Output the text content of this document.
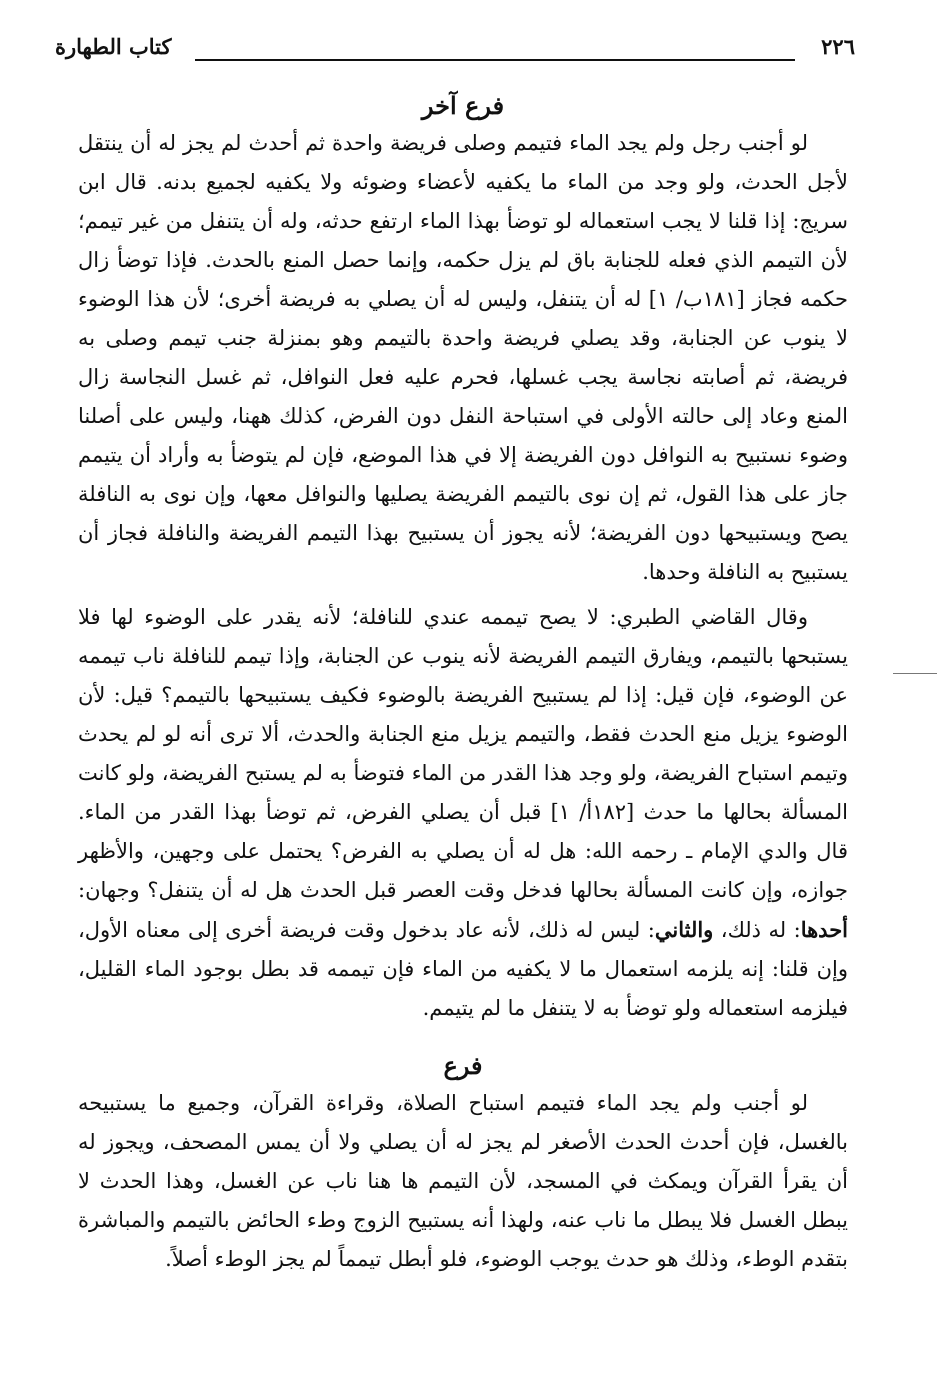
٢٢٦
كتاب الطهارة
فرع آخر

لو أجنب رجل ولم يجد الماء فتيمم وصلى فريضة واحدة ثم أحدث لم يجز له أن ينتقل لأجل الحدث، ولو وجد من الماء ما يكفيه لأعضاء وضوئه ولا يكفيه لجميع بدنه. قال ابن سريج: إذا قلنا لا يجب استعماله لو توضأ بهذا الماء ارتفع حدثه، وله أن يتنفل من غير تيمم؛ لأن التيمم الذي فعله للجنابة باق لم يزل حكمه، وإنما حصل المنع بالحدث. فإذا توضأ زال حكمه فجاز [١٨١ب/ ١] له أن يتنفل، وليس له أن يصلي به فريضة أخرى؛ لأن هذا الوضوء لا ينوب عن الجنابة، وقد يصلي فريضة واحدة بالتيمم وهو بمنزلة جنب تيمم وصلى به فريضة، ثم أصابته نجاسة يجب غسلها، فحرم عليه فعل النوافل، ثم غسل النجاسة زال المنع وعاد إلى حالته الأولى في استباحة النفل دون الفرض، كذلك ههنا، وليس على أصلنا وضوء نستبيح به النوافل دون الفريضة إلا في هذا الموضع، فإن لم يتوضأ به وأراد أن يتيمم جاز على هذا القول، ثم إن نوى بالتيمم الفريضة يصليها والنوافل معها، وإن نوى به النافلة يصح ويستبيحها دون الفريضة؛ لأنه يجوز أن يستبيح بهذا التيمم الفريضة والنافلة فجاز أن يستبيح به النافلة وحدها.

وقال القاضي الطبري: لا يصح تيممه عندي للنافلة؛ لأنه يقدر على الوضوء لها فلا يستبحها بالتيمم، ويفارق التيمم الفريضة لأنه ينوب عن الجنابة، وإذا تيمم للنافلة ناب تيممه عن الوضوء، فإن قيل: إذا لم يستبيح الفريضة بالوضوء فكيف يستبيحها بالتيمم؟ قيل: لأن الوضوء يزيل منع الحدث فقط، والتيمم يزيل منع الجنابة والحدث، ألا ترى أنه لو لم يحدث وتيمم استباح الفريضة، ولو وجد هذا القدر من الماء فتوضأ به لم يستبح الفريضة، ولو كانت المسألة بحالها ما حدث [١٨٢أ/ ١] قبل أن يصلي الفرض، ثم توضأ بهذا القدر من الماء. قال والدي الإمام ـ رحمه الله: هل له أن يصلي به الفرض؟ يحتمل على وجهين، والأظهر جوازه، وإن كانت المسألة بحالها فدخل وقت العصر قبل الحدث هل له أن يتنفل؟ وجهان: أحدها: له ذلك، والثاني: ليس له ذلك، لأنه عاد بدخول وقت فريضة أخرى إلى معناه الأول، وإن قلنا: إنه يلزمه استعمال ما لا يكفيه من الماء فإن تيممه قد بطل بوجود الماء القليل، فيلزمه استعماله ولو توضأ به لا يتنفل ما لم يتيمم.

فرع

لو أجنب ولم يجد الماء فتيمم استباح الصلاة، وقراءة القرآن، وجميع ما يستبيحه بالغسل، فإن أحدث الحدث الأصغر لم يجز له أن يصلي ولا أن يمس المصحف، ويجوز له أن يقرأ القرآن ويمكث في المسجد، لأن التيمم ها هنا ناب عن الغسل، وهذا الحدث لا يبطل الغسل فلا يبطل ما ناب عنه، ولهذا أنه يستبيح الزوج وطء الحائض بالتيمم والمباشرة بتقدم الوطء، وذلك هو حدث يوجب الوضوء، فلو أبطل تيمماً لم يجز الوطء أصلاً.
